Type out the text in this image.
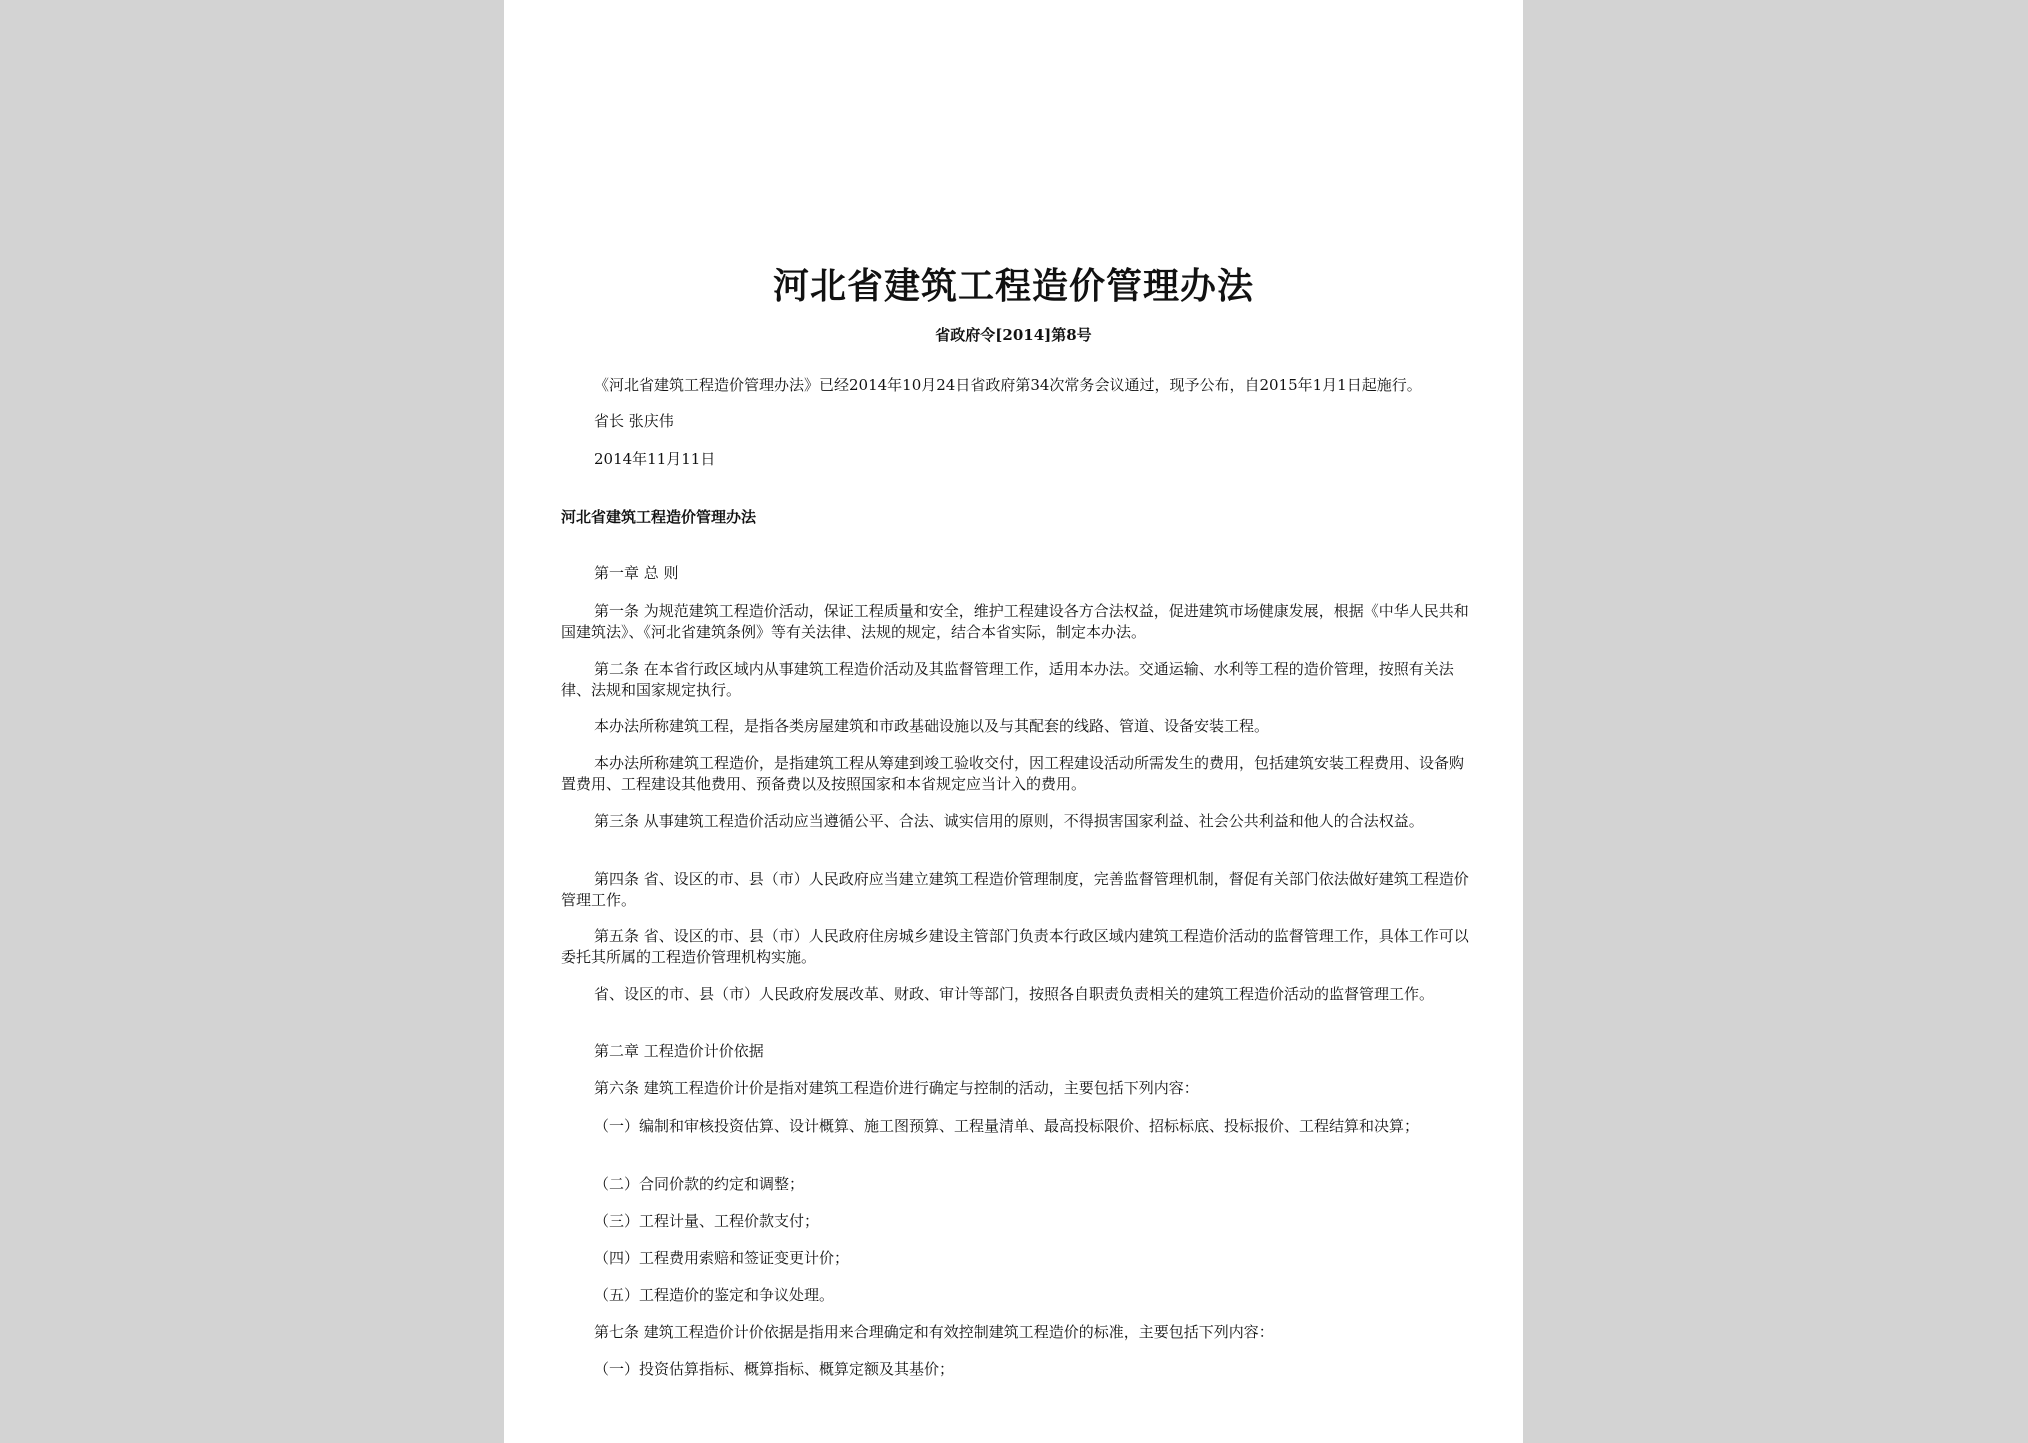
河北省建筑工程造价管理办法
省政府令[2014]第8号

《河北省建筑工程造价管理办法》已经2014年10月24日省政府第34次常务会议通过，现予公布，自2015年1月1日起施行。

省长 张庆伟

2014年11月11日

河北省建筑工程造价管理办法

第一章 总 则

第一条 为规范建筑工程造价活动，保证工程质量和安全，维护工程建设各方合法权益，促进建筑市场健康发展，根据《中华人民共和国建筑法》、《河北省建筑条例》等有关法律、法规的规定，结合本省实际，制定本办法。

第二条 在本省行政区域内从事建筑工程造价活动及其监督管理工作，适用本办法。交通运输、水利等工程的造价管理，按照有关法律、法规和国家规定执行。

本办法所称建筑工程，是指各类房屋建筑和市政基础设施以及与其配套的线路、管道、设备安装工程。

本办法所称建筑工程造价，是指建筑工程从筹建到竣工验收交付，因工程建设活动所需发生的费用，包括建筑安装工程费用、设备购置费用、工程建设其他费用、预备费以及按照国家和本省规定应当计入的费用。

第三条 从事建筑工程造价活动应当遵循公平、合法、诚实信用的原则，不得损害国家利益、社会公共利益和他人的合法权益。

第四条 省、设区的市、县（市）人民政府应当建立建筑工程造价管理制度，完善监督管理机制，督促有关部门依法做好建筑工程造价管理工作。

第五条 省、设区的市、县（市）人民政府住房城乡建设主管部门负责本行政区域内建筑工程造价活动的监督管理工作，具体工作可以委托其所属的工程造价管理机构实施。

省、设区的市、县（市）人民政府发展改革、财政、审计等部门，按照各自职责负责相关的建筑工程造价活动的监督管理工作。

第二章 工程造价计价依据

第六条 建筑工程造价计价是指对建筑工程造价进行确定与控制的活动，主要包括下列内容：

（一）编制和审核投资估算、设计概算、施工图预算、工程量清单、最高投标限价、招标标底、投标报价、工程结算和决算；

（二）合同价款的约定和调整；

（三）工程计量、工程价款支付；

（四）工程费用索赔和签证变更计价；

（五）工程造价的鉴定和争议处理。

第七条 建筑工程造价计价依据是指用来合理确定和有效控制建筑工程造价的标准，主要包括下列内容：

（一）投资估算指标、概算指标、概算定额及其基价；
